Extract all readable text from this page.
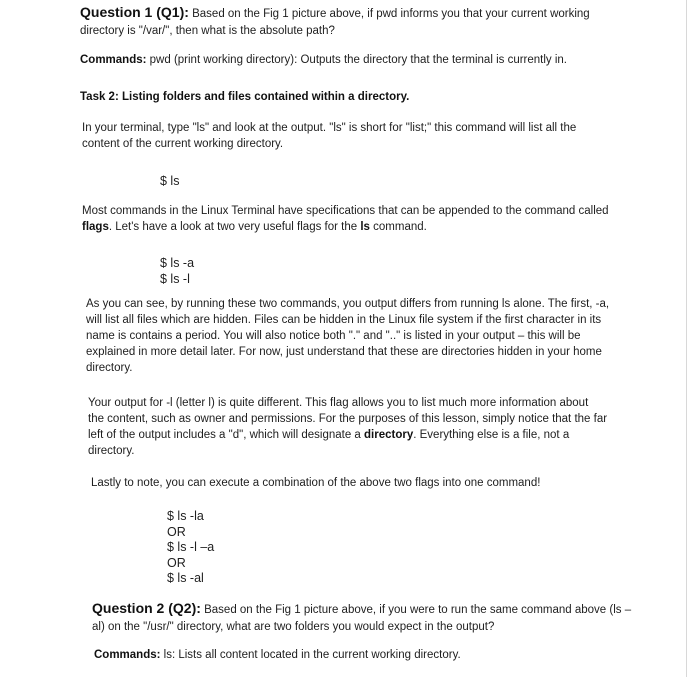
Question 1 (Q1): Based on the Fig 1 picture above, if pwd informs you that your current working
directory is "/var/", then what is the absolute path?
Commands: pwd (print working directory): Outputs the directory that the terminal is currently in.
Task 2: Listing folders and files contained within a directory.
In your terminal, type "ls" and look at the output. "ls" is short for "list;" this command will list all the
content of the current working directory.
$ ls
Most commands in the Linux Terminal have specifications that can be appended to the command called
flags. Let's have a look at two very useful flags for the ls command.
$ ls -a
$ ls -l
As you can see, by running these two commands, you output differs from running ls alone. The first, -a,
will list all files which are hidden. Files can be hidden in the Linux file system if the first character in its
name is contains a period. You will also notice both "." and ".." is listed in your output – this will be
explained in more detail later. For now, just understand that these are directories hidden in your home
directory.
Your output for -l (letter l) is quite different. This flag allows you to list much more information about
the content, such as owner and permissions. For the purposes of this lesson, simply notice that the far
left of the output includes a "d", which will designate a directory. Everything else is a file, not a
directory.
Lastly to note, you can execute a combination of the above two flags into one command!
$ ls -la
OR
$ ls -l –a
OR
$ ls -al
Question 2 (Q2): Based on the Fig 1 picture above, if you were to run the same command above (ls –
al) on the "/usr/" directory, what are two folders you would expect in the output?
Commands: ls: Lists all content located in the current working directory.
